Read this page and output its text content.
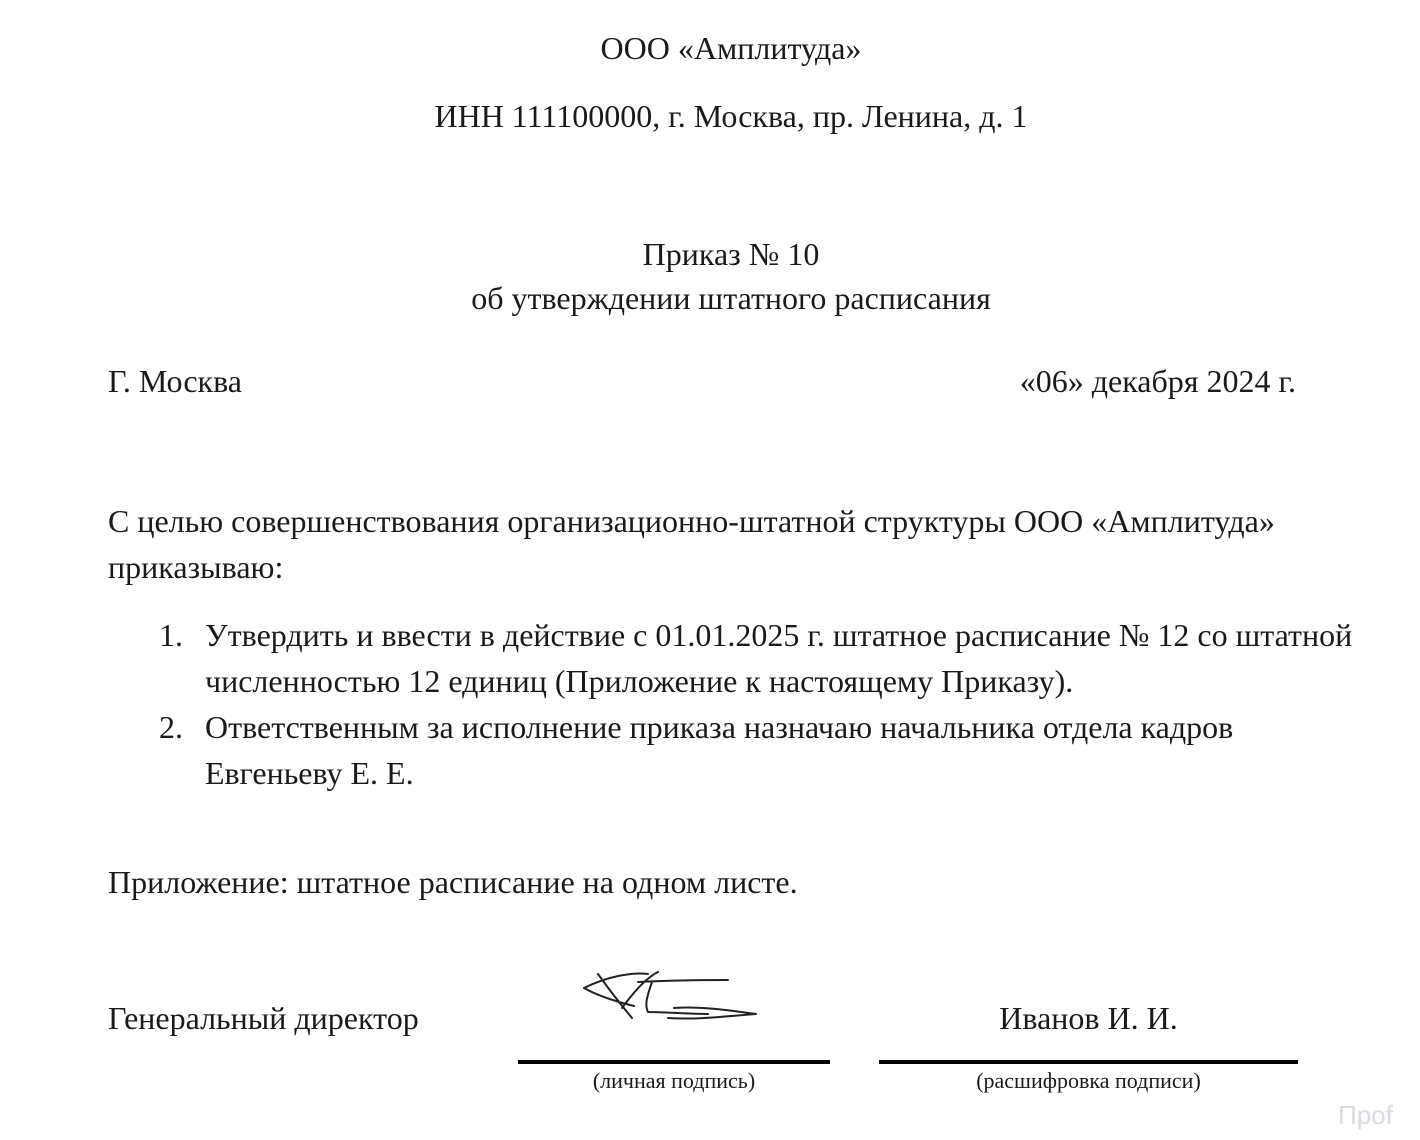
ООО «Амплитуда»
ИНН 111100000, г. Москва, пр. Ленина, д. 1
Приказ № 10
об утверждении штатного расписания
Г. Москва	«06» декабря 2024 г.
С целью совершенствования организационно-штатной структуры ООО «Амплитуда» приказываю:
1. Утвердить и ввести в действие с 01.01.2025 г. штатное расписание № 12 со штатной численностью 12 единиц (Приложение к настоящему Приказу).
2. Ответственным за исполнение приказа назначаю начальника отдела кадров Евгеньеву Е. Е.
Приложение: штатное расписание на одном листе.
Генеральный директор	Иванов И. И.
(личная подпись)	(расшифровка подписи)
Прof
